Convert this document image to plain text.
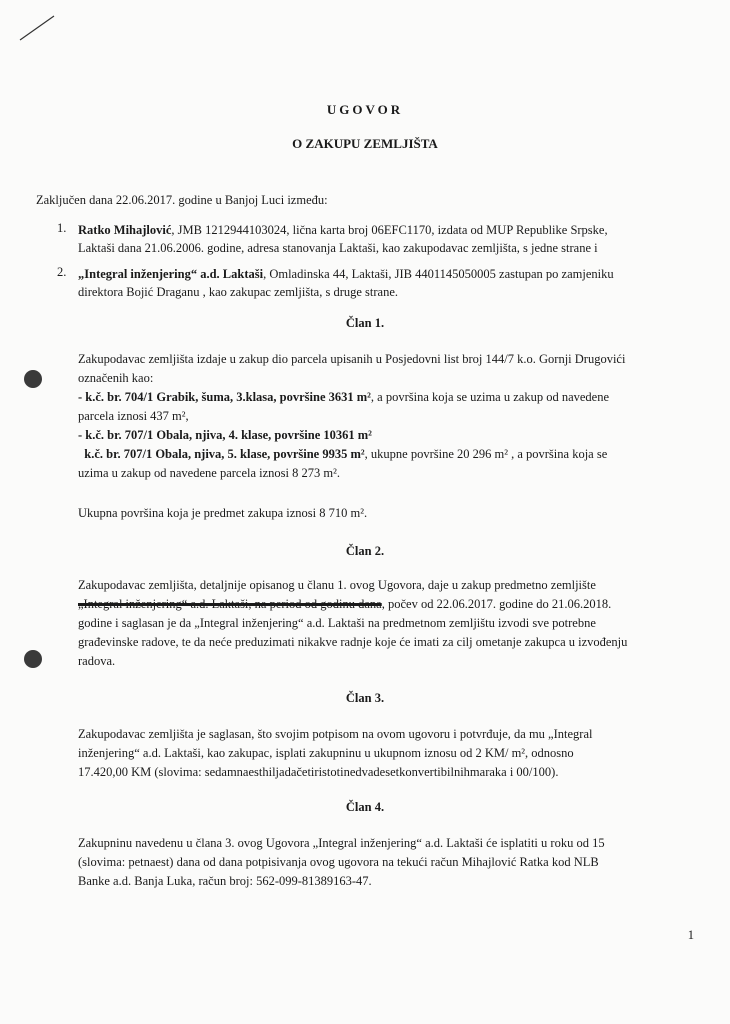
UGOVOR
O ZAKUPU ZEMLJIŠTA
Zaključen dana 22.06.2017. godine u Banjoj Luci između:
1. Ratko Mihajlović, JMB 1212944103024, lična karta broj 06EFC1170, izdata od MUP Republike Srpske,
Laktaši dana 21.06.2006. godine, adresa stanovanja Laktaši, kao zakupodavac zemljišta, s jedne strane i
2. „Integral inženjering“ a.d. Laktaši, Omladinska 44, Laktaši, JIB 4401145050005 zastupan po zamjeniku
direktora Bojić Draganu , kao zakupac zemljišta, s druge strane.
Član 1.
Zakupodavac zemljišta izdaje u zakup dio parcela upisanih u Posjedovni list broj 144/7 k.o. Gornji Drugovići
označenih kao:
- k.č. br. 704/1 Grabik, šuma, 3.klasa, površine 3631 m², a površina koja se uzima u zakup od navedene
parcela iznosi 437 m²,
- k.č. br. 707/1 Obala, njiva, 4. klase, površine 10361 m²
k.č. br. 707/1 Obala, njiva, 5. klase, površine 9935 m², ukupne površine 20 296 m² , a površina koja se
uzima u zakup od navedene parcela iznosi 8 273 m².
Ukupna površina koja je predmet zakupa iznosi 8 710 m².
Član 2.
Zakupodavac zemljišta, detaljnije opisanog u članu 1. ovog Ugovora, daje u zakup predmetno zemljište
„Integral inženjering“ a.d. Laktaši, na period od godinu dana, počev od 22.06.2017. godine do 21.06.2018.
godine i saglasan je da „Integral inženjering“ a.d. Laktaši na predmetnom zemljištu izvodi sve potrebne
građevinske radove, te da neće preduzimati nikakve radnje koje će imati za cilj ometanje zakupca u izvođenju
radova.
Član 3.
Zakupodavac zemljišta je saglasan, što svojim potpisom na ovom ugovoru i potvrđuje, da mu „Integral
inženjering“ a.d. Laktaši, kao zakupac, isplati zakupninu u ukupnom iznosu od 2 KM/ m², odnosno
17.420,00 KM (slovima: sedamnaesthiljadačetiristotinedvadesetkonvertibilnihmaraka i 00/100).
Član 4.
Zakupninu navedenu u člana 3. ovog Ugovora „Integral inženjering“ a.d. Laktaši će isplatiti u roku od 15
(slovima: petnaest) dana od dana potpisivanja ovog ugovora na tekući račun Mihajlović Ratka kod NLB
Banke a.d. Banja Luka, račun broj: 562-099-81389163-47.
1
